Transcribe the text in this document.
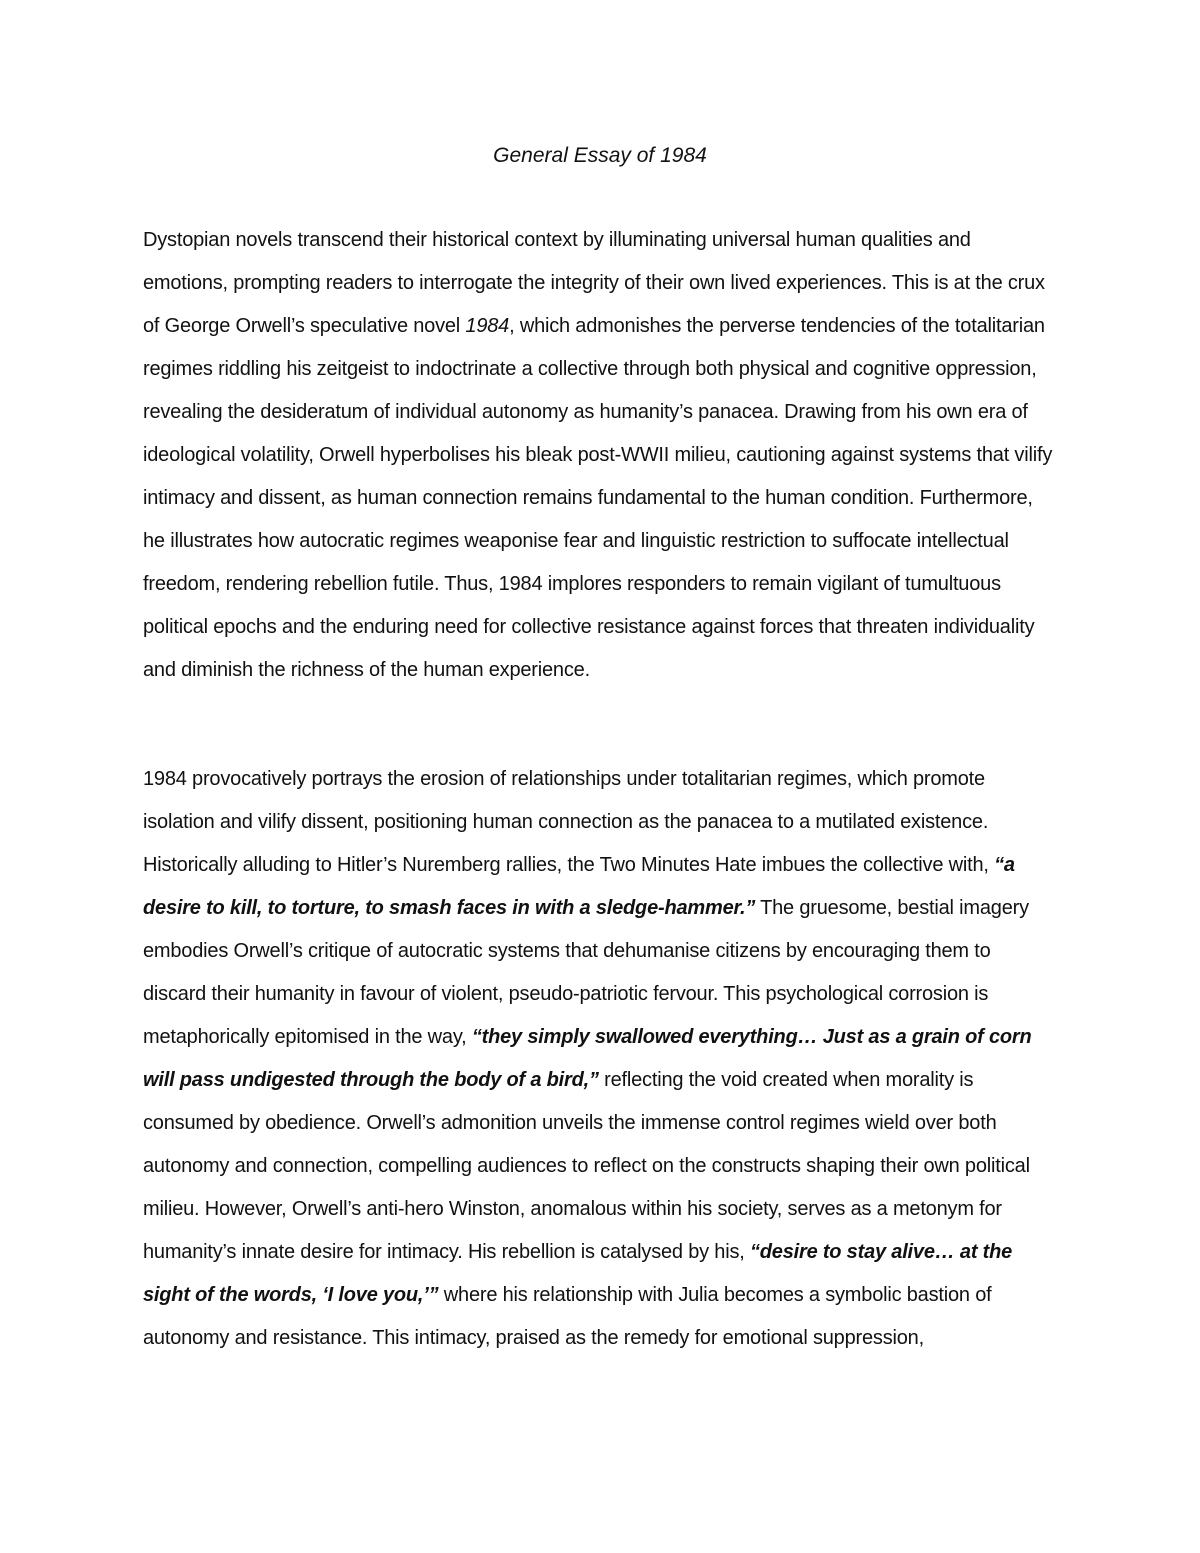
General Essay of 1984

Dystopian novels transcend their historical context by illuminating universal human qualities and emotions, prompting readers to interrogate the integrity of their own lived experiences. This is at the crux of George Orwell’s speculative novel 1984, which admonishes the perverse tendencies of the totalitarian regimes riddling his zeitgeist to indoctrinate a collective through both physical and cognitive oppression, revealing the desideratum of individual autonomy as humanity’s panacea. Drawing from his own era of ideological volatility, Orwell hyperbolises his bleak post-WWII milieu, cautioning against systems that vilify intimacy and dissent, as human connection remains fundamental to the human condition. Furthermore, he illustrates how autocratic regimes weaponise fear and linguistic restriction to suffocate intellectual freedom, rendering rebellion futile. Thus, 1984 implores responders to remain vigilant of tumultuous political epochs and the enduring need for collective resistance against forces that threaten individuality and diminish the richness of the human experience.

1984 provocatively portrays the erosion of relationships under totalitarian regimes, which promote isolation and vilify dissent, positioning human connection as the panacea to a mutilated existence. Historically alluding to Hitler’s Nuremberg rallies, the Two Minutes Hate imbues the collective with, “a desire to kill, to torture, to smash faces in with a sledge-hammer.” The gruesome, bestial imagery embodies Orwell’s critique of autocratic systems that dehumanise citizens by encouraging them to discard their humanity in favour of violent, pseudo-patriotic fervour. This psychological corrosion is metaphorically epitomised in the way, “they simply swallowed everything… Just as a grain of corn will pass undigested through the body of a bird,” reflecting the void created when morality is consumed by obedience. Orwell’s admonition unveils the immense control regimes wield over both autonomy and connection, compelling audiences to reflect on the constructs shaping their own political milieu. However, Orwell’s anti-hero Winston, anomalous within his society, serves as a metonym for humanity’s innate desire for intimacy. His rebellion is catalysed by his, “desire to stay alive… at the sight of the words, ‘I love you,’” where his relationship with Julia becomes a symbolic bastion of autonomy and resistance. This intimacy, praised as the remedy for emotional suppression,
